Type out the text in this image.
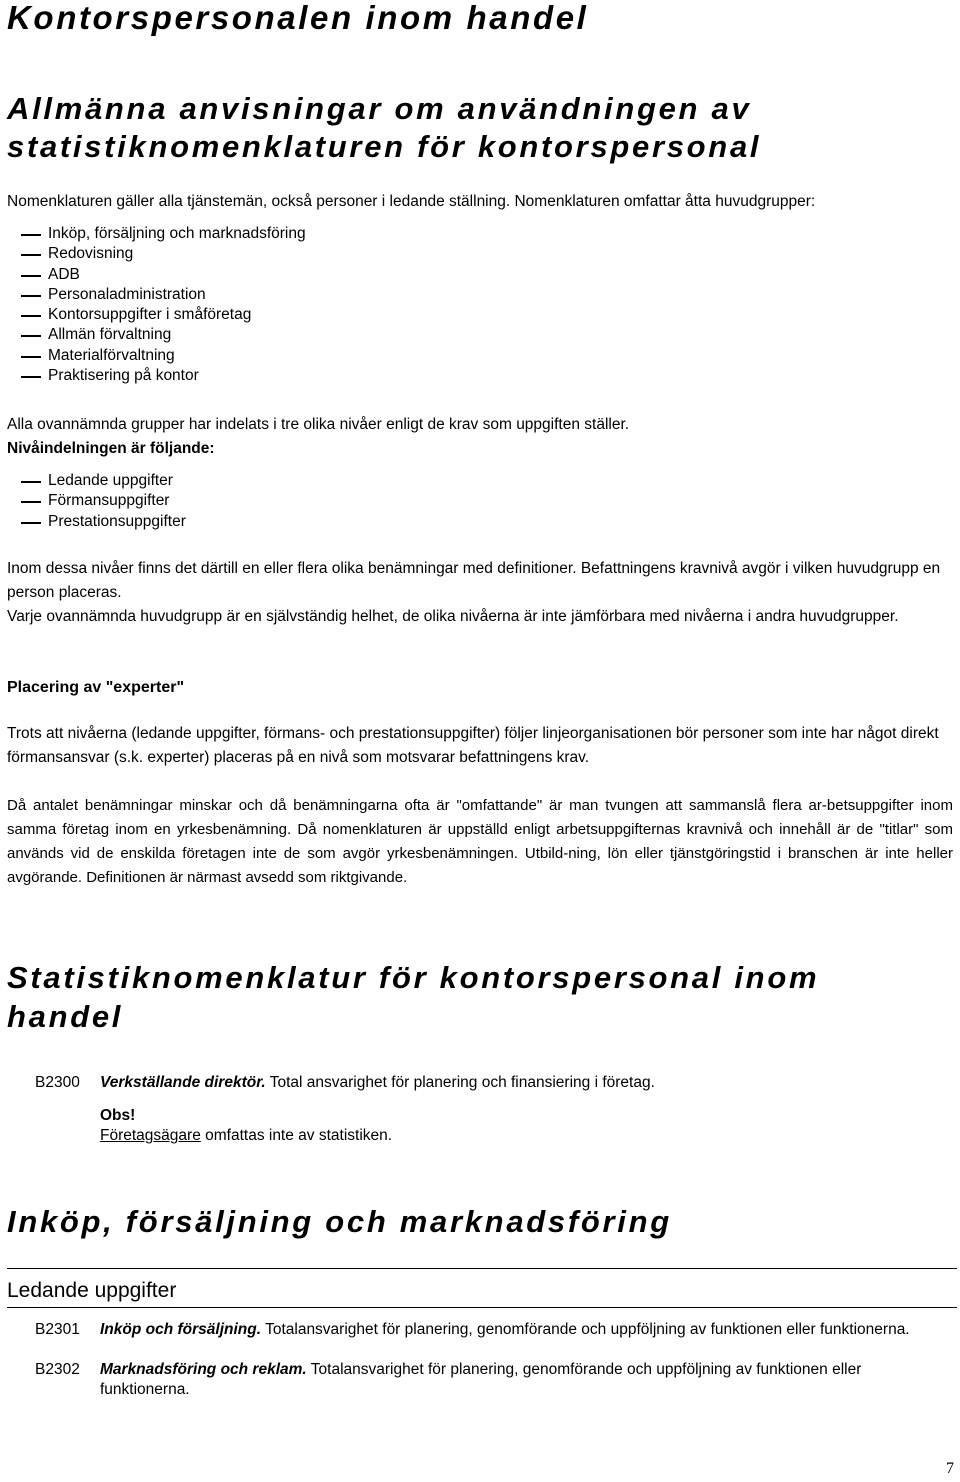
Kontorspersonalen inom handel
Allmänna anvisningar om användningen av statistiknomenklaturen för kontorspersonal

Nomenklaturen gäller alla tjänstemän, också personer i ledande ställning. Nomenklaturen omfattar åtta huvudgrupper:

Inköp, försäljning och marknadsföring
Redovisning
ADB
Personaladministration
Kontorsuppgifter i småföretag
Allmän förvaltning
Materialförvaltning
Praktisering på kontor

Alla ovannämnda grupper har indelats i tre olika nivåer enligt de krav som uppgiften ställer.

Nivåindelningen är följande:

Ledande uppgifter
Förmansuppgifter
Prestationsuppgifter

Inom dessa nivåer finns det därtill en eller flera olika benämningar med definitioner. Befattningens kravnivå avgör i vilken huvudgrupp en person placeras.

Varje ovannämnda huvudgrupp är en självständig helhet, de olika nivåerna är inte jämförbara med nivåerna i andra huvudgrupper.

Placering av "experter"

Trots att nivåerna (ledande uppgifter, förmans- och prestationsuppgifter) följer linjeorganisationen bör personer som inte har något direkt förmansansvar (s.k. experter) placeras på en nivå som motsvarar befattningens krav.

Då antalet benämningar minskar och då benämningarna ofta är "omfattande" är man tvungen att sammanslå flera ar-betsuppgifter inom samma företag inom en yrkesbenämning. Då nomenklaturen är uppställd enligt arbetsuppgifternas kravnivå och innehåll är de "titlar" som används vid de enskilda företagen inte de som avgör yrkesbenämningen. Utbild-ning, lön eller tjänstgöringstid i branschen är inte heller avgörande. Definitionen är närmast avsedd som riktgivande.

Statistiknomenklatur för kontorspersonal inom handel
B2300	Verkställande direktör. Total ansvarighet för planering och finansiering i företag.
Obs!
Företagsägare omfattas inte av statistiken.
Inköp, försäljning och marknadsföring
Ledande uppgifter
B2301	Inköp och försäljning. Totalansvarighet för planering, genomförande och uppföljning av funktionen eller funktionerna.
B2302	Marknadsföring och reklam. Totalansvarighet för planering, genomförande och uppföljning av funktionen eller funktionerna.
7
